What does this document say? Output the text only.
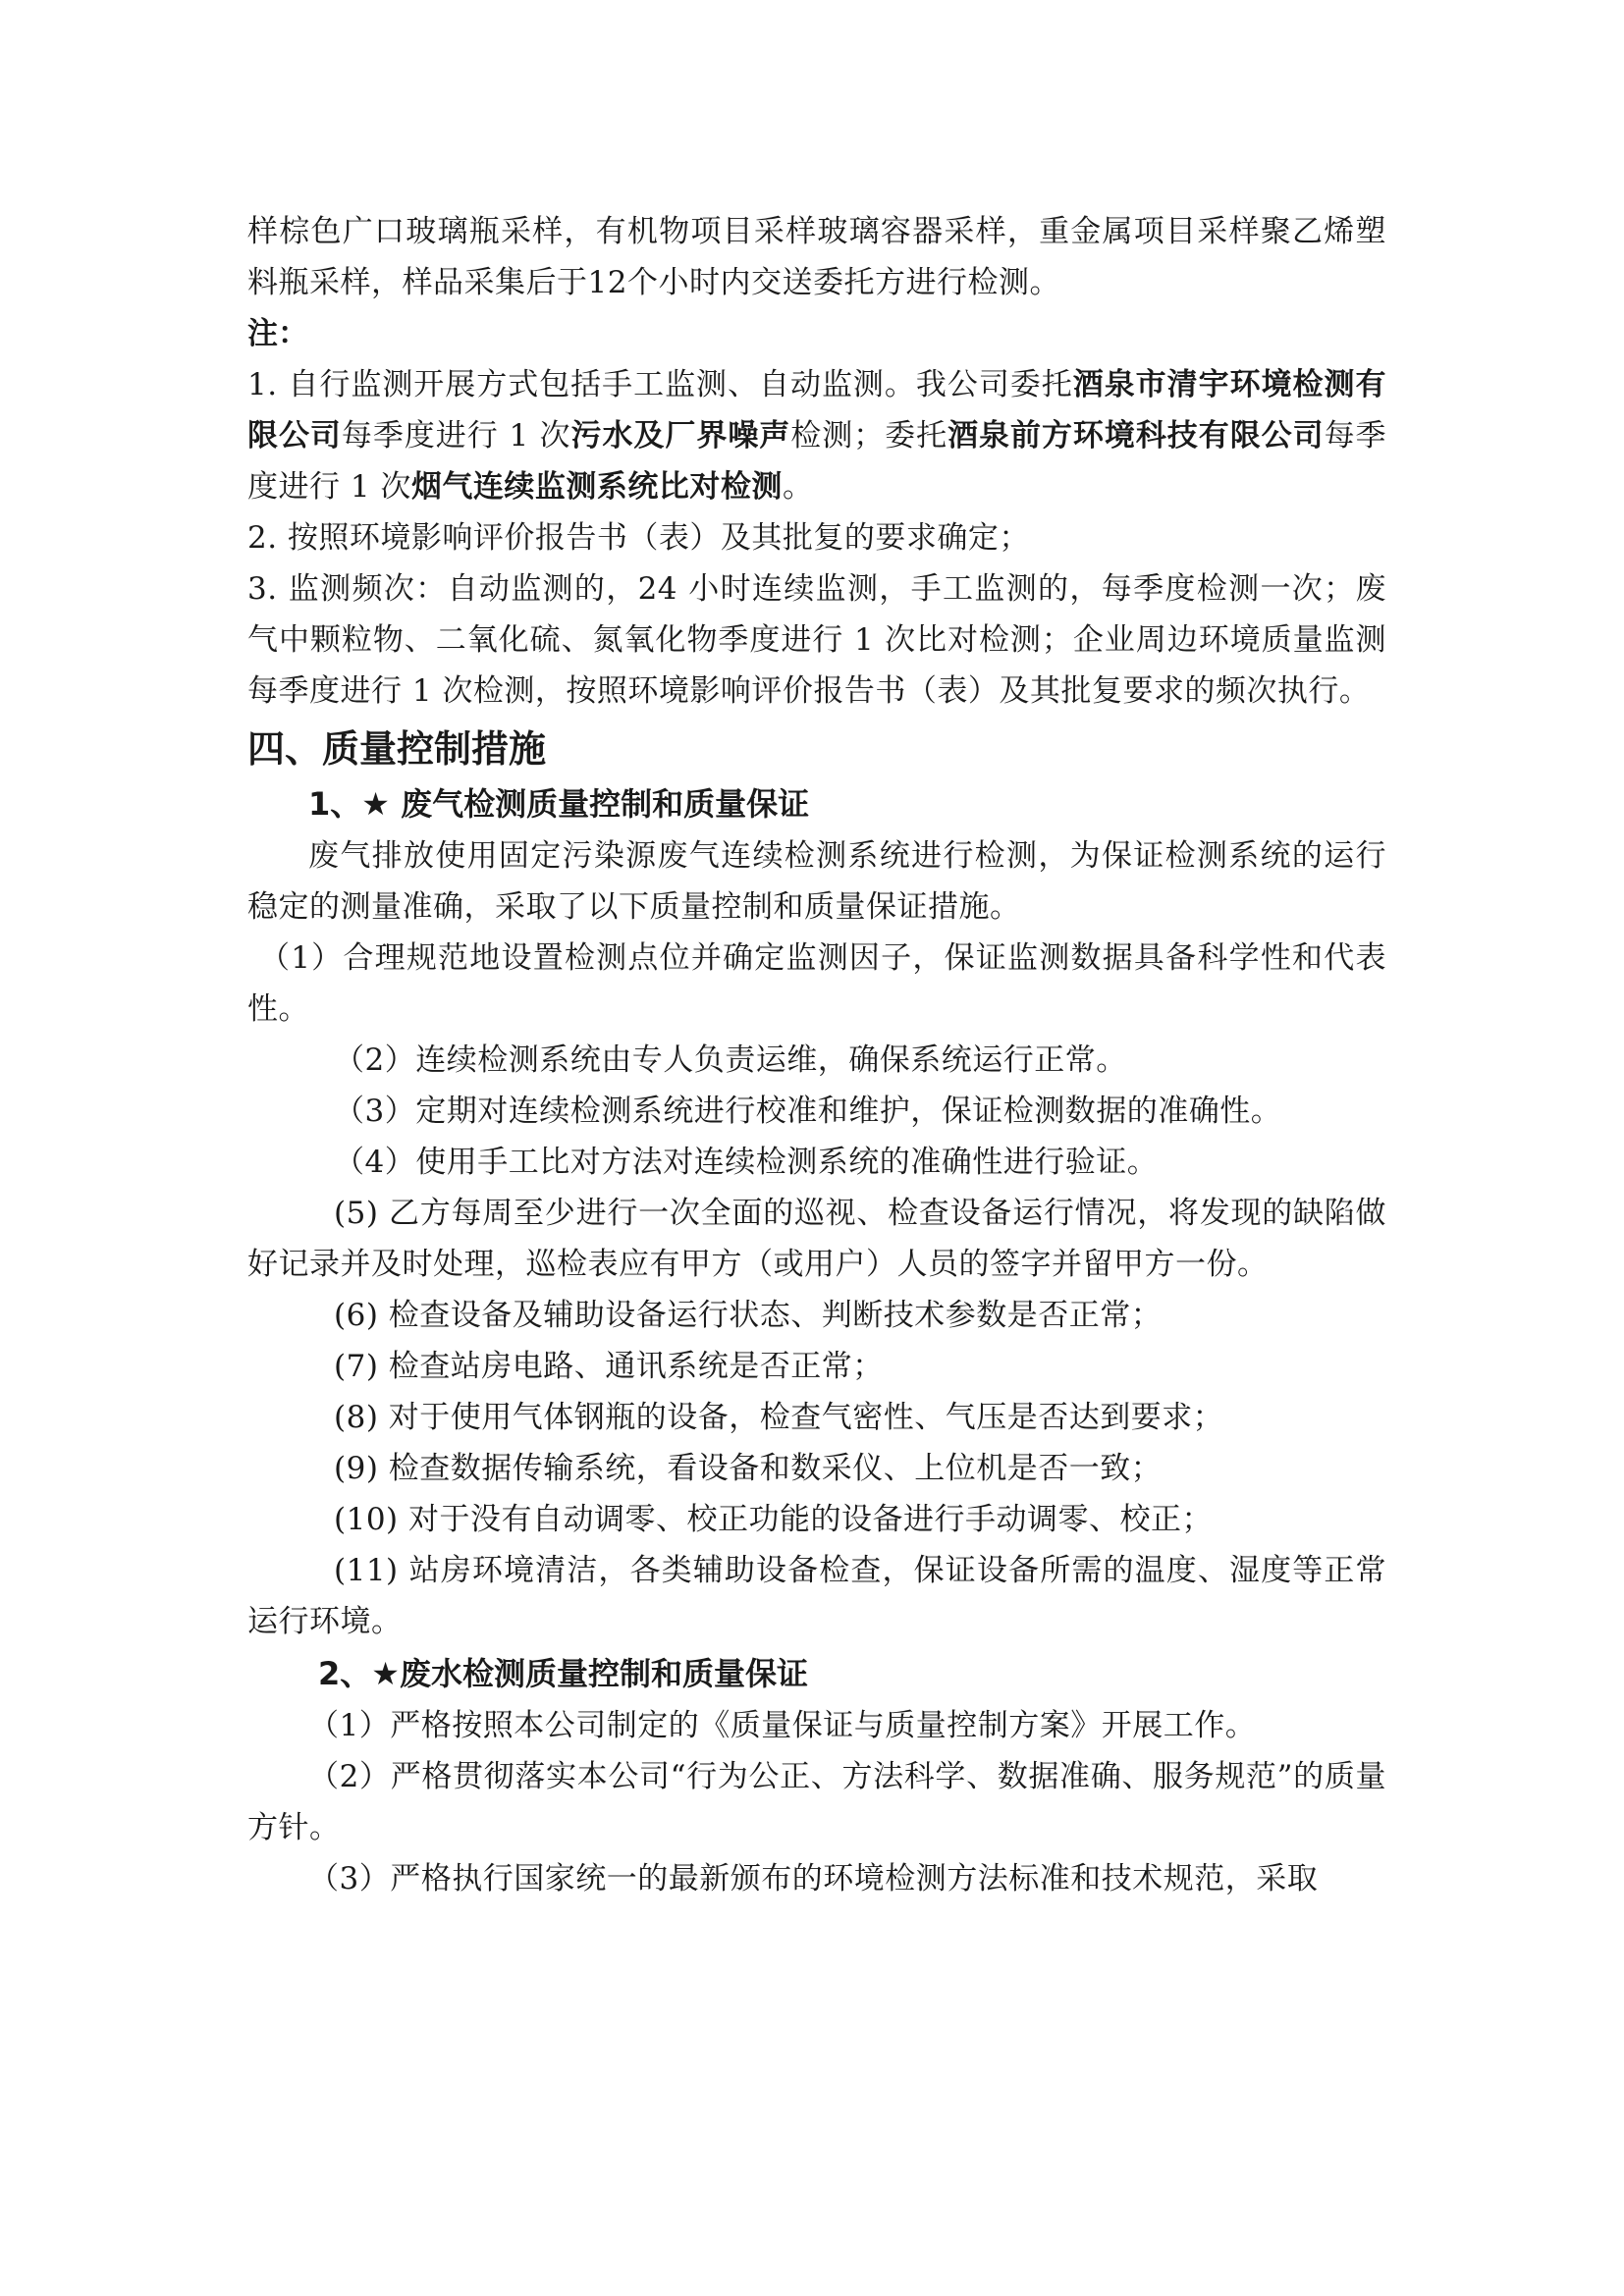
样棕色广口玻璃瓶采样，有机物项目采样玻璃容器采样，重金属项目采样聚乙烯塑料瓶采样，样品采集后于12个小时内交送委托方进行检测。

注：

1. 自行监测开展方式包括手工监测、自动监测。我公司委托酒泉市清宇环境检测有限公司每季度进行 1 次污水及厂界噪声检测；委托酒泉前方环境科技有限公司每季度进行 1 次烟气连续监测系统比对检测。

2. 按照环境影响评价报告书（表）及其批复的要求确定；

3. 监测频次：自动监测的，24 小时连续监测，手工监测的，每季度检测一次；废气中颗粒物、二氧化硫、氮氧化物季度进行 1 次比对检测；企业周边环境质量监测每季度进行 1 次检测，按照环境影响评价报告书（表）及其批复要求的频次执行。

四、质量控制措施

1、★ 废气检测质量控制和质量保证

废气排放使用固定污染源废气连续检测系统进行检测，为保证检测系统的运行稳定的测量准确，采取了以下质量控制和质量保证措施。

（1）合理规范地设置检测点位并确定监测因子，保证监测数据具备科学性和代表性。

（2）连续检测系统由专人负责运维，确保系统运行正常。

（3）定期对连续检测系统进行校准和维护，保证检测数据的准确性。

（4）使用手工比对方法对连续检测系统的准确性进行验证。

(5) 乙方每周至少进行一次全面的巡视、检查设备运行情况，将发现的缺陷做好记录并及时处理，巡检表应有甲方（或用户）人员的签字并留甲方一份。

(6) 检查设备及辅助设备运行状态、判断技术参数是否正常；

(7) 检查站房电路、通讯系统是否正常；

(8) 对于使用气体钢瓶的设备，检查气密性、气压是否达到要求；

(9) 检查数据传输系统，看设备和数采仪、上位机是否一致；

(10) 对于没有自动调零、校正功能的设备进行手动调零、校正；

(11) 站房环境清洁，各类辅助设备检查，保证设备所需的温度、湿度等正常运行环境。

2、★废水检测质量控制和质量保证

（1）严格按照本公司制定的《质量保证与质量控制方案》开展工作。

（2）严格贯彻落实本公司“行为公正、方法科学、数据准确、服务规范”的质量方针。

（3）严格执行国家统一的最新颁布的环境检测方法标准和技术规范，采取
